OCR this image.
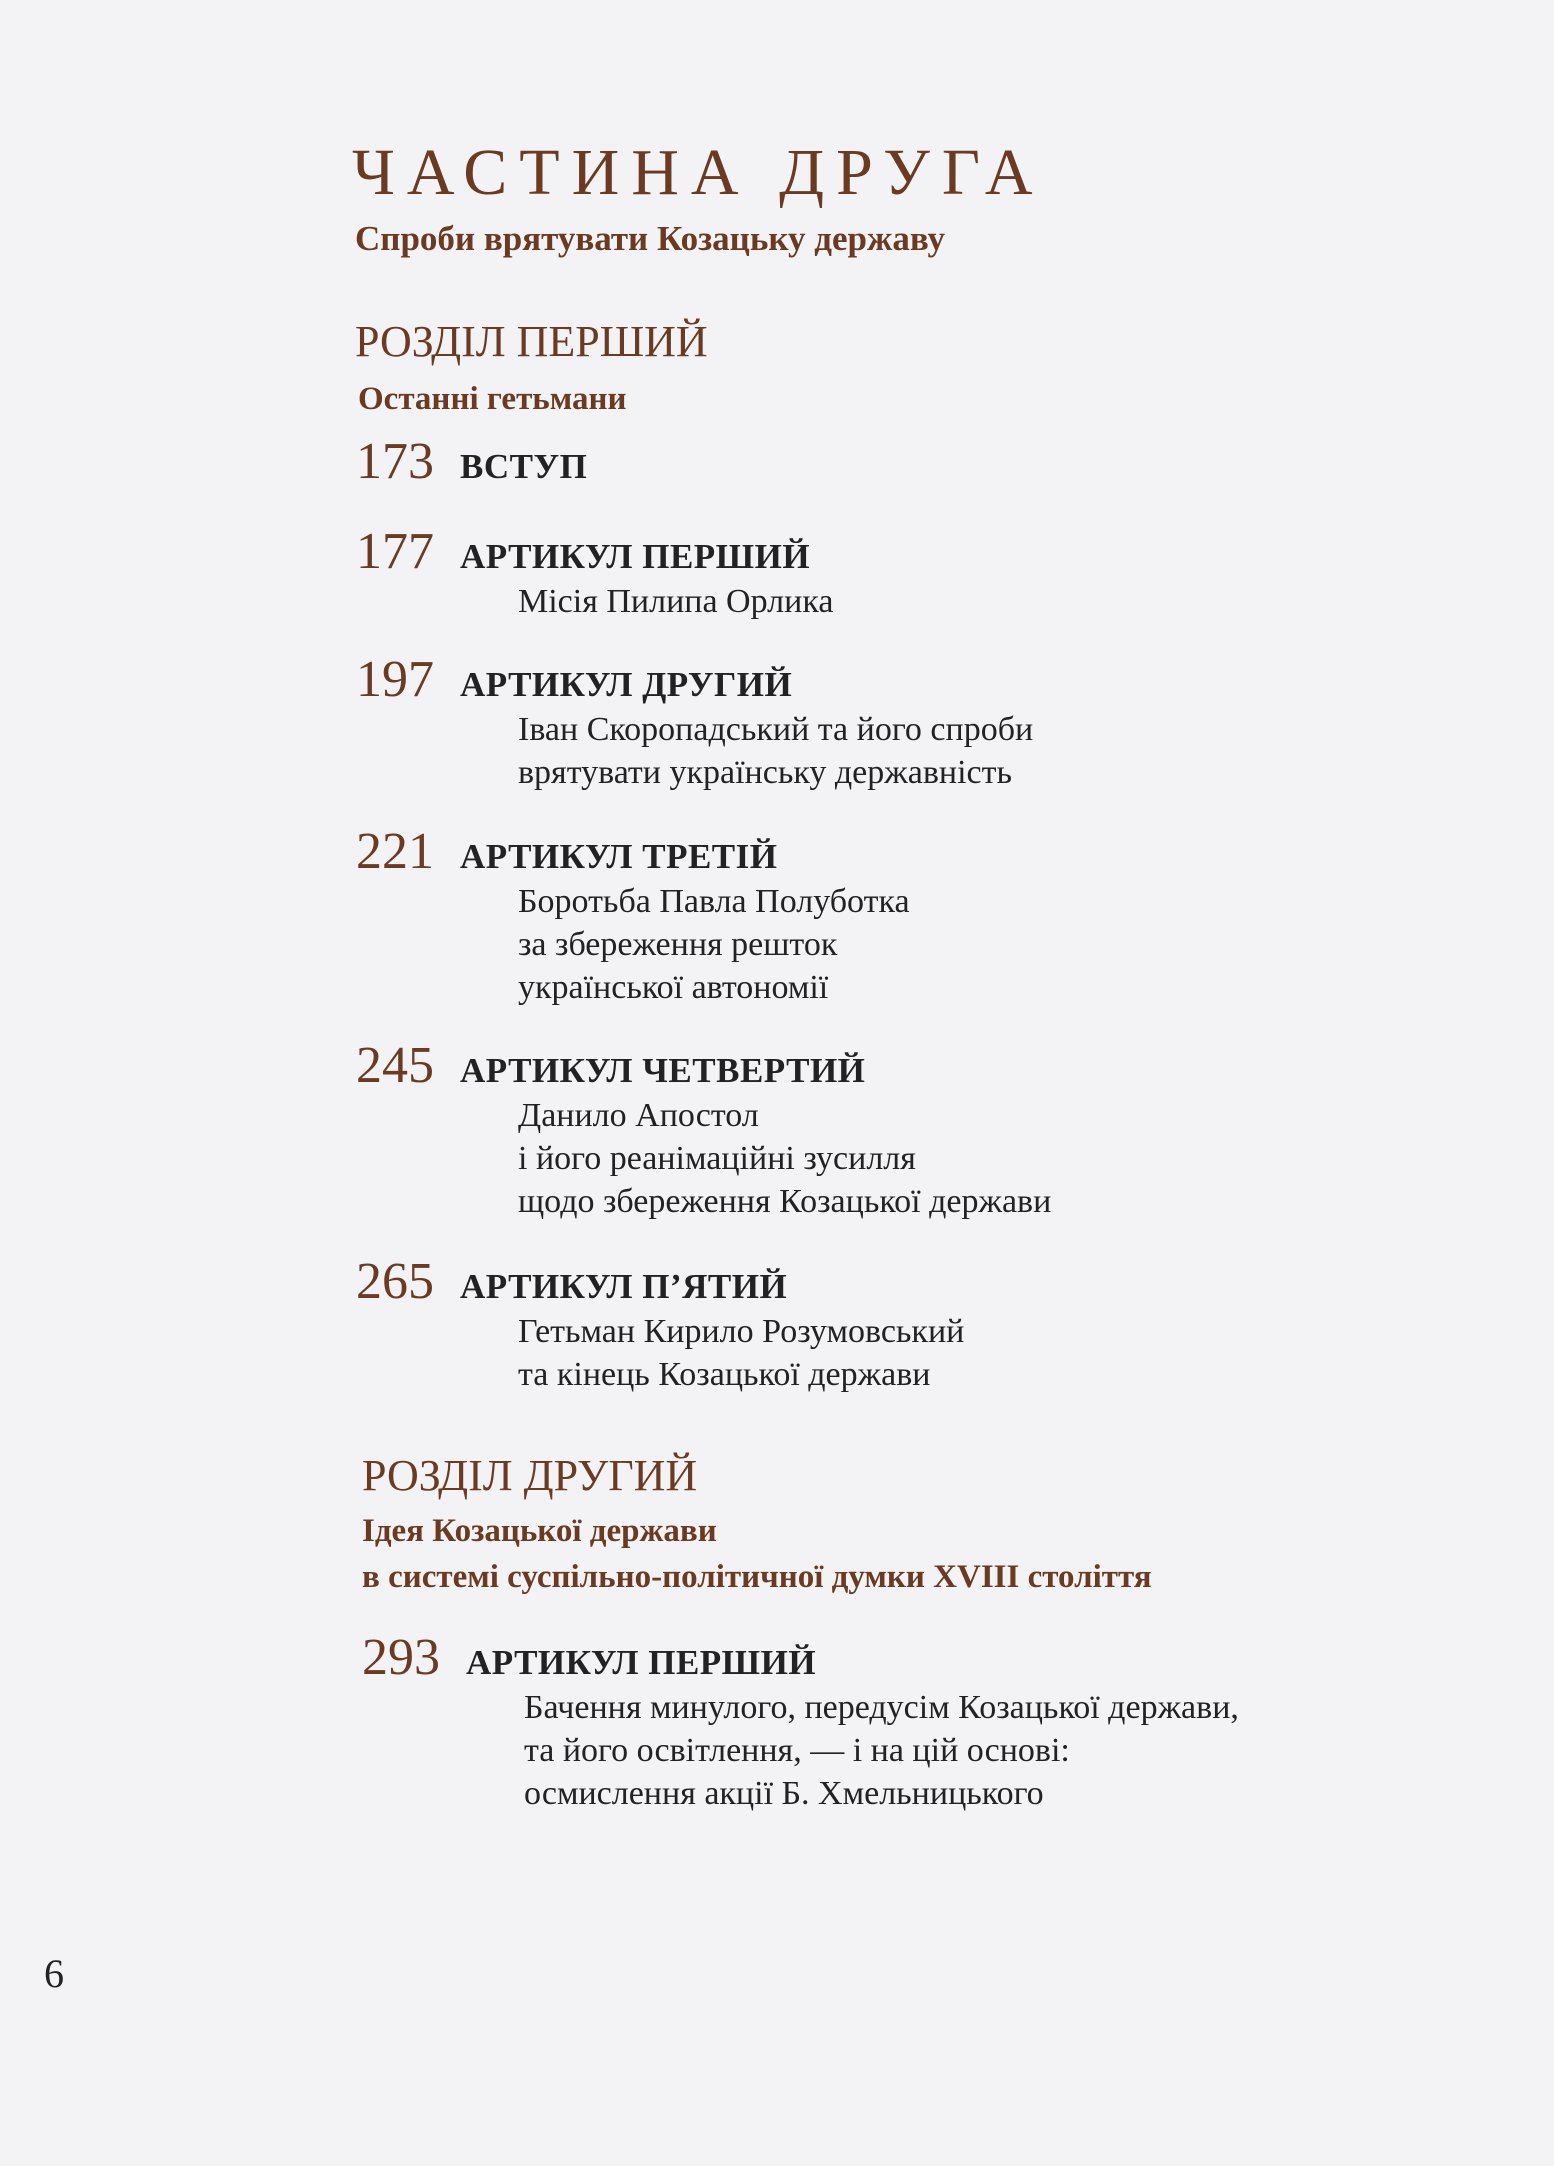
ЧАСТИНА ДРУГА
Спроби врятувати Козацьку державу
РОЗДІЛ ПЕРШИЙ
Останні гетьмани
173 ВСТУП
177 АРТИКУЛ ПЕРШИЙ
Місія Пилипа Орлика
197 АРТИКУЛ ДРУГИЙ
Іван Скоропадський та його спроби
врятувати українську державність
221 АРТИКУЛ ТРЕТІЙ
Боротьба Павла Полуботка
за збереження решток
української автономії
245 АРТИКУЛ ЧЕТВЕРТИЙ
Данило Апостол
і його реанімаційні зусилля
щодо збереження Козацької держави
265 АРТИКУЛ П’ЯТИЙ
Гетьман Кирило Розумовський
та кінець Козацької держави
РОЗДІЛ ДРУГИЙ
Ідея Козацької держави
в системі суспільно-політичної думки XVIII століття
293 АРТИКУЛ ПЕРШИЙ
Бачення минулого, передусім Козацької держави,
та його освітлення, — і на цій основі:
осмислення акції Б. Хмельницького
6
